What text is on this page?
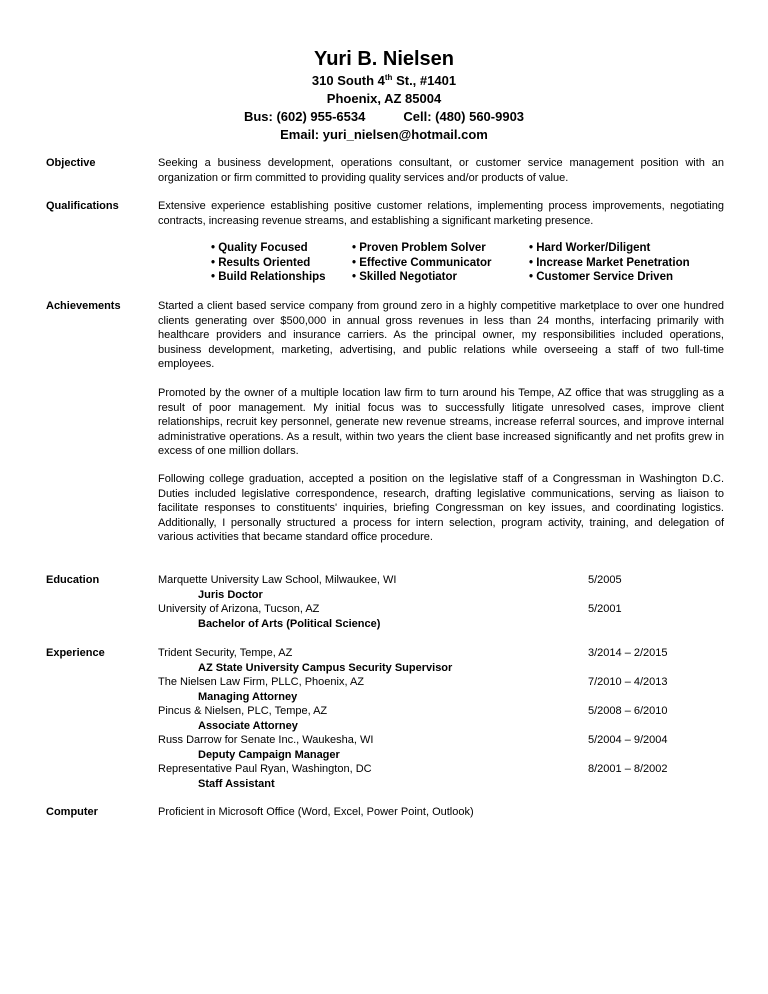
Yuri B. Nielsen
310 South 4th St., #1401
Phoenix, AZ 85004
Bus: (602) 955-6534	Cell: (480) 560-9903
Email: yuri_nielsen@hotmail.com
Objective	Seeking a business development, operations consultant, or customer service management position with an organization or firm committed to providing quality services and/or products of value.

Qualifications	Extensive experience establishing positive customer relations, implementing process improvements, negotiating contracts, increasing revenue streams, and establishing a significant marketing presence.

• Quality Focused	• Proven Problem Solver	• Hard Worker/Diligent
• Results Oriented	• Effective Communicator	• Increase Market Penetration
• Build Relationships • Skilled Negotiator	• Customer Service Driven
Achievements	Started a client based service company from ground zero in a highly competitive marketplace to over one hundred clients generating over $500,000 in annual gross revenues in less than 24 months, interfacing primarily with healthcare providers and insurance carriers. As the principal owner, my responsibilities included operations, business development, marketing, advertising, and public relations while overseeing a staff of two full-time employees.

Promoted by the owner of a multiple location law firm to turn around his Tempe, AZ office that was struggling as a result of poor management. My initial focus was to successfully litigate unresolved cases, improve client relationships, recruit key personnel, generate new revenue streams, increase referral sources, and improve internal administrative operations. As a result, within two years the client base increased significantly and net profits grew in excess of one million dollars.

Following college graduation, accepted a position on the legislative staff of a Congressman in Washington D.C. Duties included legislative correspondence, research, drafting legislative communications, serving as liaison to facilitate responses to constituents' inquiries, briefing Congressman on key issues, and coordinating logistics. Additionally, I personally structured a process for intern selection, program activity, training, and delegation of various activities that became standard office procedure.

Education	Marquette University Law School, Milwaukee, WI	5/2005
Juris Doctor
University of Arizona, Tucson, AZ	5/2001
Bachelor of Arts (Political Science)
Experience	Trident Security, Tempe, AZ	3/2014 – 2/2015
AZ State University Campus Security Supervisor
The Nielsen Law Firm, PLLC, Phoenix, AZ	7/2010 – 4/2013
Managing Attorney
Pincus & Nielsen, PLC, Tempe, AZ	5/2008 – 6/2010
Associate Attorney
Russ Darrow for Senate Inc., Waukesha, WI	5/2004 – 9/2004
Deputy Campaign Manager
Representative Paul Ryan, Washington, DC	8/2001 – 8/2002
Staff Assistant
Computer	Proficient in Microsoft Office (Word, Excel, Power Point, Outlook)
